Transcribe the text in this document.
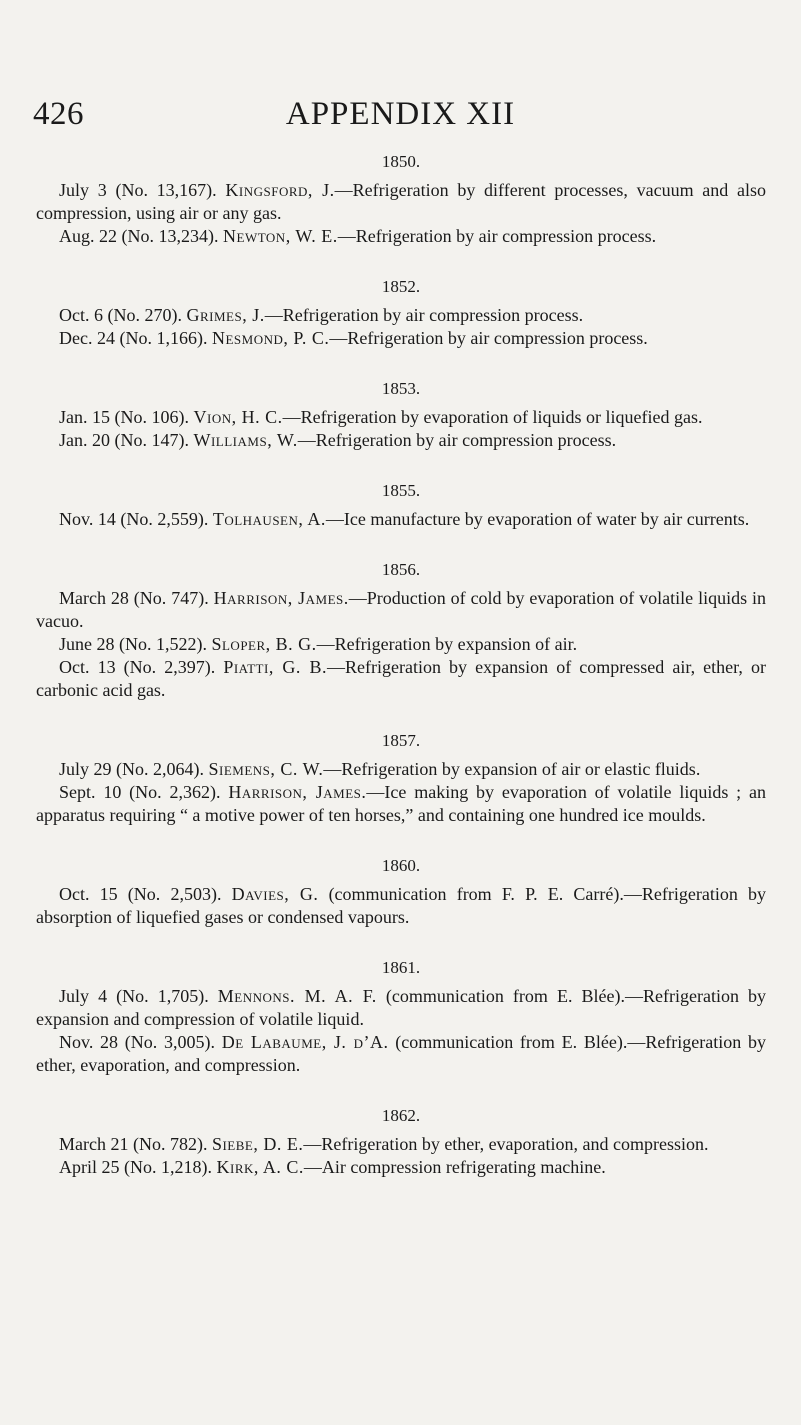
426	APPENDIX XII
1850.

July 3 (No. 13,167). Kingsford, J.—Refrigeration by different processes, vacuum and also compression, using air or any gas.

Aug. 22 (No. 13,234). Newton, W. E.—Refrigeration by air compression process.

1852.

Oct. 6 (No. 270). Grimes, J.—Refrigeration by air compression process.

Dec. 24 (No. 1,166). Nesmond, P. C.—Refrigeration by air compression process.

1853.

Jan. 15 (No. 106). Vion, H. C.—Refrigeration by evaporation of liquids or liquefied gas.

Jan. 20 (No. 147). Williams, W.—Refrigeration by air compression process.

1855.

Nov. 14 (No. 2,559). Tolhausen, A.—Ice manufacture by evaporation of water by air currents.

1856.

March 28 (No. 747). Harrison, James.—Production of cold by evaporation of volatile liquids in vacuo.

June 28 (No. 1,522). Sloper, B. G.—Refrigeration by expansion of air.

Oct. 13 (No. 2,397). Piatti, G. B.—Refrigeration by expansion of compressed air, ether, or carbonic acid gas.

1857.

July 29 (No. 2,064). Siemens, C. W.—Refrigeration by expansion of air or elastic fluids.

Sept. 10 (No. 2,362). Harrison, James.—Ice making by evaporation of volatile liquids ; an apparatus requiring “ a motive power of ten horses,” and containing one hundred ice moulds.

1860.

Oct. 15 (No. 2,503). Davies, G. (communication from F. P. E. Carré).—Refrigeration by absorption of liquefied gases or condensed vapours.

1861.

July 4 (No. 1,705). Mennons. M. A. F. (communication from E. Blée).—Refrigeration by expansion and compression of volatile liquid.

Nov. 28 (No. 3,005). De Labaume, J. d’A. (communication from E. Blée).—Refrigeration by ether, evaporation, and compression.

1862.

March 21 (No. 782). Siebe, D. E.—Refrigeration by ether, evaporation, and compression.

April 25 (No. 1,218). Kirk, A. C.—Air compression refrigerating machine.
